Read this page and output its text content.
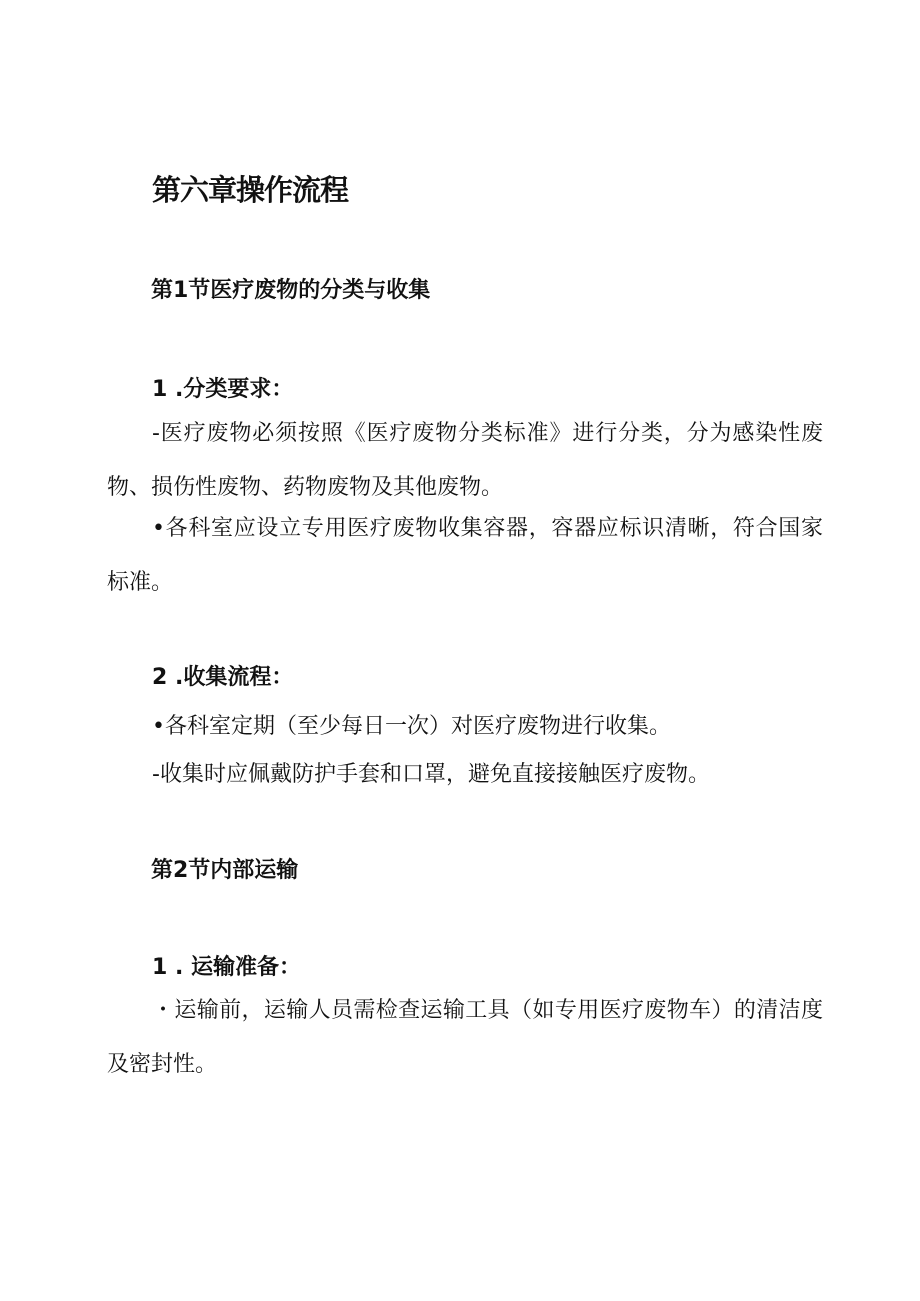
第六章操作流程
第1节医疗废物的分类与收集
1 .分类要求：

-医疗废物必须按照《医疗废物分类标准》进行分类，分为感染性废物、损伤性废物、药物废物及其他废物。

•各科室应设立专用医疗废物收集容器，容器应标识清晰，符合国家标准。

2 .收集流程：

•各科室定期（至少每日一次）对医疗废物进行收集。

-收集时应佩戴防护手套和口罩，避免直接接触医疗废物。

第2节内部运输
1 . 运输准备：

・运输前，运输人员需检查运输工具（如专用医疗废物车）的清洁度及密封性。
